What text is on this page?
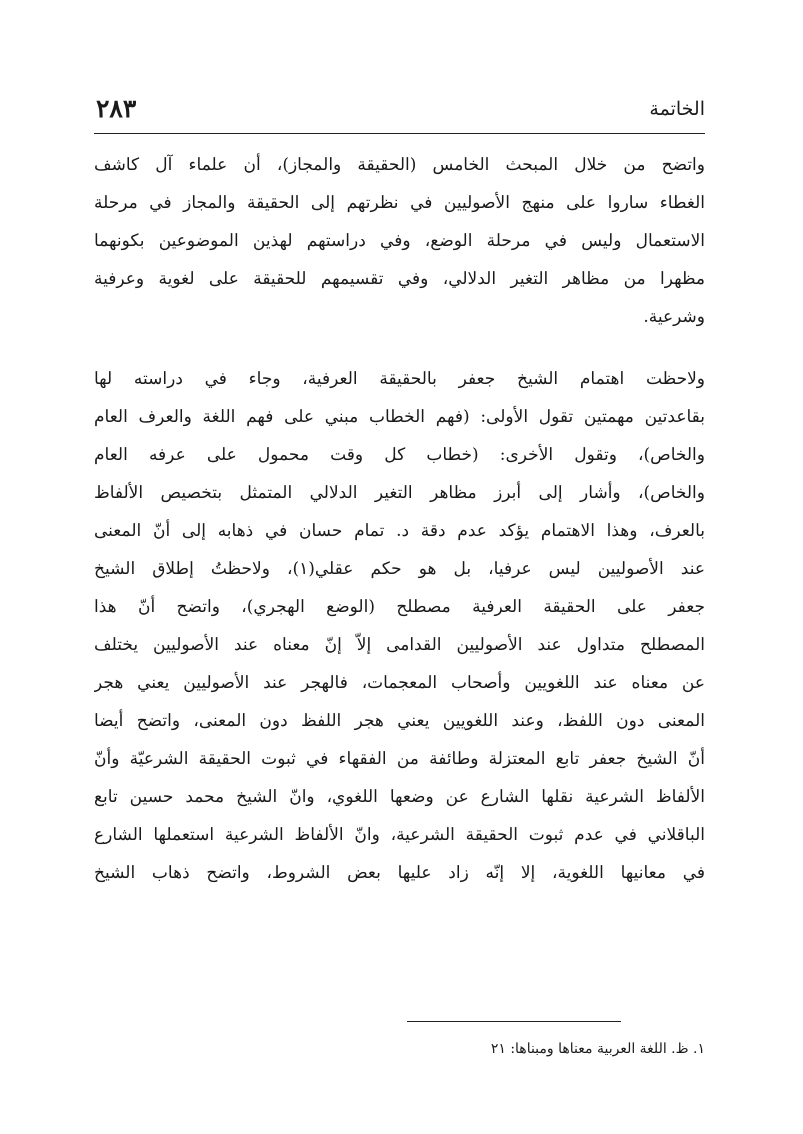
الخاتمة
٢٨٣

واتضح من خلال المبحث الخامس (الحقيقة والمجاز)، أن علماء آل كاشف
الغطاء ساروا على منهج الأصوليين في نظرتهم إلى الحقيقة والمجاز في مرحلة
الاستعمال وليس في مرحلة الوضع، وفي دراستهم لهذين الموضوعين بكونهما
مظهرا من مظاهر التغير الدلالي، وفي تقسيمهم للحقيقة على لغوية وعرفية
وشرعية.

ولاحظت اهتمام الشيخ جعفر بالحقيقة العرفية، وجاء في دراسته لها
بقاعدتين مهمتين تقول الأولى: (فهم الخطاب مبني على فهم اللغة والعرف العام
والخاص)، وتقول الأخرى: (خطاب كل وقت محمول على عرفه العام
والخاص)، وأشار إلى أبرز مظاهر التغير الدلالي المتمثل بتخصيص الألفاظ
بالعرف، وهذا الاهتمام يؤكد عدم دقة د. تمام حسان في ذهابه إلى أنّ المعنى
عند الأصوليين ليس عرفيا، بل هو حكم عقلي(١)، ولاحظتُ إطلاق الشيخ
جعفر على الحقيقة العرفية مصطلح (الوضع الهجري)، واتضح أنّ هذا
المصطلح متداول عند الأصوليين القدامى إلاّ إنّ معناه عند الأصوليين يختلف
عن معناه عند اللغويين وأصحاب المعجمات، فالهجر عند الأصوليين يعني هجر
المعنى دون اللفظ، وعند اللغويين يعني هجر اللفظ دون المعنى، واتضح أيضا
أنّ الشيخ جعفر تابع المعتزلة وطائفة من الفقهاء في ثبوت الحقيقة الشرعيّة وأنّ
الألفاظ الشرعية نقلها الشارع عن وضعها اللغوي، وانّ الشيخ محمد حسين تابع
الباقلاني في عدم ثبوت الحقيقة الشرعية، وانّ الألفاظ الشرعية استعملها الشارع
في معانيها اللغوية، إلا إنّه زاد عليها بعض الشروط، واتضح ذهاب الشيخ

١. ظ. اللغة العربية معناها ومبناها: ٢١
